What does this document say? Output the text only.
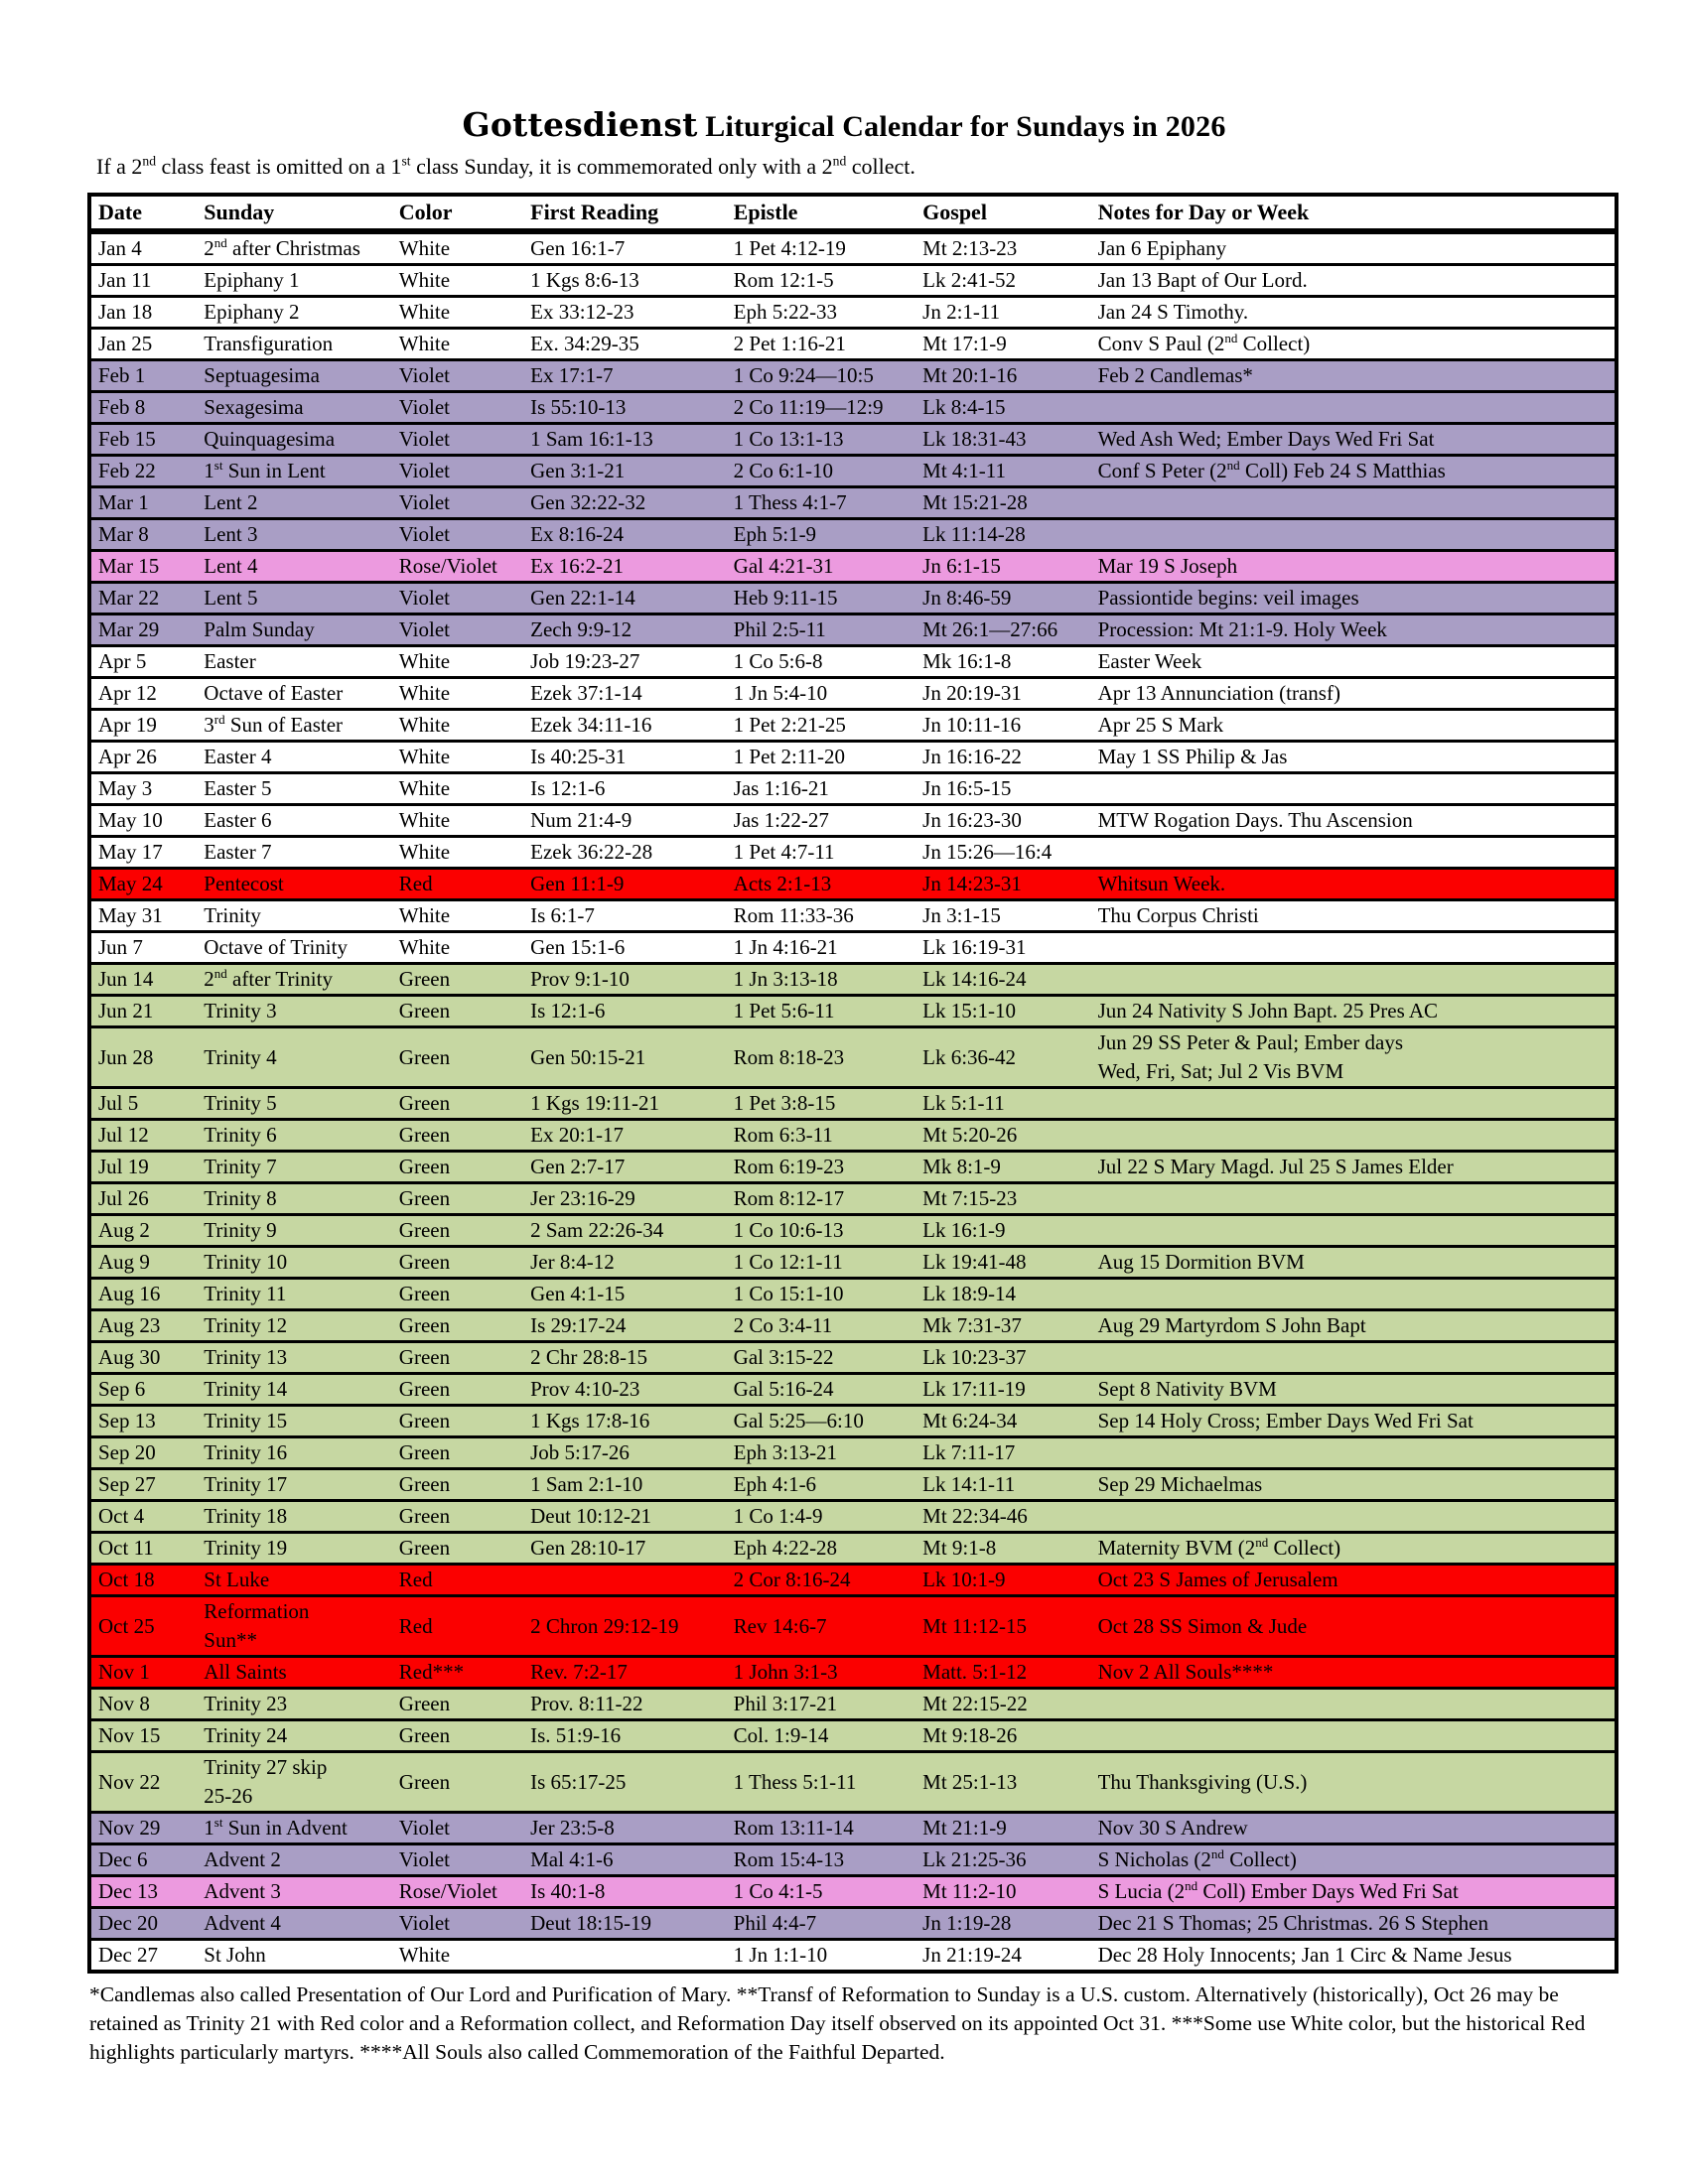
Gottesdienst Liturgical Calendar for Sundays in 2026

If a 2nd class feast is omitted on a 1st class Sunday, it is commemorated only with a 2nd collect.

Date	Sunday	Color	First Reading	Epistle	Gospel	Notes for Day or Week
Jan 4	2nd after Christmas	White	Gen 16:1-7	1 Pet 4:12-19	Mt 2:13-23	Jan 6 Epiphany
Jan 11	Epiphany 1	White	1 Kgs 8:6-13	Rom 12:1-5	Lk 2:41-52	Jan 13 Bapt of Our Lord.
Jan 18	Epiphany 2	White	Ex 33:12-23	Eph 5:22-33	Jn 2:1-11	Jan 24 S Timothy.
Jan 25	Transfiguration	White	Ex. 34:29-35	2 Pet 1:16-21	Mt 17:1-9	Conv S Paul (2nd Collect)
Feb 1	Septuagesima	Violet	Ex 17:1-7	1 Co 9:24—10:5	Mt 20:1-16	Feb 2 Candlemas*
Feb 8	Sexagesima	Violet	Is 55:10-13	2 Co 11:19—12:9	Lk 8:4-15	
Feb 15	Quinquagesima	Violet	1 Sam 16:1-13	1 Co 13:1-13	Lk 18:31-43	Wed Ash Wed; Ember Days Wed Fri Sat
Feb 22	1st Sun in Lent	Violet	Gen 3:1-21	2 Co 6:1-10	Mt 4:1-11	Conf S Peter (2nd Coll) Feb 24 S Matthias
Mar 1	Lent 2	Violet	Gen 32:22-32	1 Thess 4:1-7	Mt 15:21-28	
Mar 8	Lent 3	Violet	Ex 8:16-24	Eph 5:1-9	Lk 11:14-28	
Mar 15	Lent 4	Rose/Violet	Ex 16:2-21	Gal 4:21-31	Jn 6:1-15	Mar 19 S Joseph
Mar 22	Lent 5	Violet	Gen 22:1-14	Heb 9:11-15	Jn 8:46-59	Passiontide begins: veil images
Mar 29	Palm Sunday	Violet	Zech 9:9-12	Phil 2:5-11	Mt 26:1—27:66	Procession: Mt 21:1-9. Holy Week
Apr 5	Easter	White	Job 19:23-27	1 Co 5:6-8	Mk 16:1-8	Easter Week
Apr 12	Octave of Easter	White	Ezek 37:1-14	1 Jn 5:4-10	Jn 20:19-31	Apr 13 Annunciation (transf)
Apr 19	3rd Sun of Easter	White	Ezek 34:11-16	1 Pet 2:21-25	Jn 10:11-16	Apr 25 S Mark
Apr 26	Easter 4	White	Is 40:25-31	1 Pet 2:11-20	Jn 16:16-22	May 1 SS Philip & Jas
May 3	Easter 5	White	Is 12:1-6	Jas 1:16-21	Jn 16:5-15	
May 10	Easter 6	White	Num 21:4-9	Jas 1:22-27	Jn 16:23-30	MTW Rogation Days. Thu Ascension
May 17	Easter 7	White	Ezek 36:22-28	1 Pet 4:7-11	Jn 15:26—16:4	
May 24	Pentecost	Red	Gen 11:1-9	Acts 2:1-13	Jn 14:23-31	Whitsun Week.
May 31	Trinity	White	Is 6:1-7	Rom 11:33-36	Jn 3:1-15	Thu Corpus Christi
Jun 7	Octave of Trinity	White	Gen 15:1-6	1 Jn 4:16-21	Lk 16:19-31	
Jun 14	2nd after Trinity	Green	Prov 9:1-10	1 Jn 3:13-18	Lk 14:16-24	
Jun 21	Trinity 3	Green	Is 12:1-6	1 Pet 5:6-11	Lk 15:1-10	Jun 24 Nativity S John Bapt. 25 Pres AC
Jun 28	Trinity 4	Green	Gen 50:15-21	Rom 8:18-23	Lk 6:36-42	Jun 29 SS Peter & Paul; Ember days
Wed, Fri, Sat; Jul 2 Vis BVM
Jul 5	Trinity 5	Green	1 Kgs 19:11-21	1 Pet 3:8-15	Lk 5:1-11	
Jul 12	Trinity 6	Green	Ex 20:1-17	Rom 6:3-11	Mt 5:20-26	
Jul 19	Trinity 7	Green	Gen 2:7-17	Rom 6:19-23	Mk 8:1-9	Jul 22 S Mary Magd. Jul 25 S James Elder
Jul 26	Trinity 8	Green	Jer 23:16-29	Rom 8:12-17	Mt 7:15-23	
Aug 2	Trinity 9	Green	2 Sam 22:26-34	1 Co 10:6-13	Lk 16:1-9	
Aug 9	Trinity 10	Green	Jer 8:4-12	1 Co 12:1-11	Lk 19:41-48	Aug 15 Dormition BVM
Aug 16	Trinity 11	Green	Gen 4:1-15	1 Co 15:1-10	Lk 18:9-14	
Aug 23	Trinity 12	Green	Is 29:17-24	2 Co 3:4-11	Mk 7:31-37	Aug 29 Martyrdom S John Bapt
Aug 30	Trinity 13	Green	2 Chr 28:8-15	Gal 3:15-22	Lk 10:23-37	
Sep 6	Trinity 14	Green	Prov 4:10-23	Gal 5:16-24	Lk 17:11-19	Sept 8 Nativity BVM
Sep 13	Trinity 15	Green	1 Kgs 17:8-16	Gal 5:25—6:10	Mt 6:24-34	Sep 14 Holy Cross; Ember Days Wed Fri Sat
Sep 20	Trinity 16	Green	Job 5:17-26	Eph 3:13-21	Lk 7:11-17	
Sep 27	Trinity 17	Green	1 Sam 2:1-10	Eph 4:1-6	Lk 14:1-11	Sep 29 Michaelmas
Oct 4	Trinity 18	Green	Deut 10:12-21	1 Co 1:4-9	Mt 22:34-46	
Oct 11	Trinity 19	Green	Gen 28:10-17	Eph 4:22-28	Mt 9:1-8	Maternity BVM (2nd Collect)
Oct 18	St Luke	Red		2 Cor 8:16-24	Lk 10:1-9	Oct 23 S James of Jerusalem
Oct 25	Reformation
Sun**	Red	2 Chron 29:12-19	Rev 14:6-7	Mt 11:12-15	Oct 28 SS Simon & Jude
Nov 1	All Saints	Red***	Rev. 7:2-17	1 John 3:1-3	Matt. 5:1-12	Nov 2 All Souls****
Nov 8	Trinity 23	Green	Prov. 8:11-22	Phil 3:17-21	Mt 22:15-22	
Nov 15	Trinity 24	Green	Is. 51:9-16	Col. 1:9-14	Mt 9:18-26	
Nov 22	Trinity 27 skip
25-26	Green	Is 65:17-25	1 Thess 5:1-11	Mt 25:1-13	Thu Thanksgiving (U.S.)
Nov 29	1st Sun in Advent	Violet	Jer 23:5-8	Rom 13:11-14	Mt 21:1-9	Nov 30 S Andrew
Dec 6	Advent 2	Violet	Mal 4:1-6	Rom 15:4-13	Lk 21:25-36	S Nicholas (2nd Collect)
Dec 13	Advent 3	Rose/Violet	Is 40:1-8	1 Co 4:1-5	Mt 11:2-10	S Lucia (2nd Coll) Ember Days Wed Fri Sat
Dec 20	Advent 4	Violet	Deut 18:15-19	Phil 4:4-7	Jn 1:19-28	Dec 21 S Thomas; 25 Christmas. 26 S Stephen
Dec 27	St John	White		1 Jn 1:1-10	Jn 21:19-24	Dec 28 Holy Innocents; Jan 1 Circ & Name Jesus

*Candlemas also called Presentation of Our Lord and Purification of Mary. **Transf of Reformation to Sunday is a U.S. custom. Alternatively (historically), Oct 26 may be retained as Trinity 21 with Red color and a Reformation collect, and Reformation Day itself observed on its appointed Oct 31. ***Some use White color, but the historical Red highlights particularly martyrs. ****All Souls also called Commemoration of the Faithful Departed.
